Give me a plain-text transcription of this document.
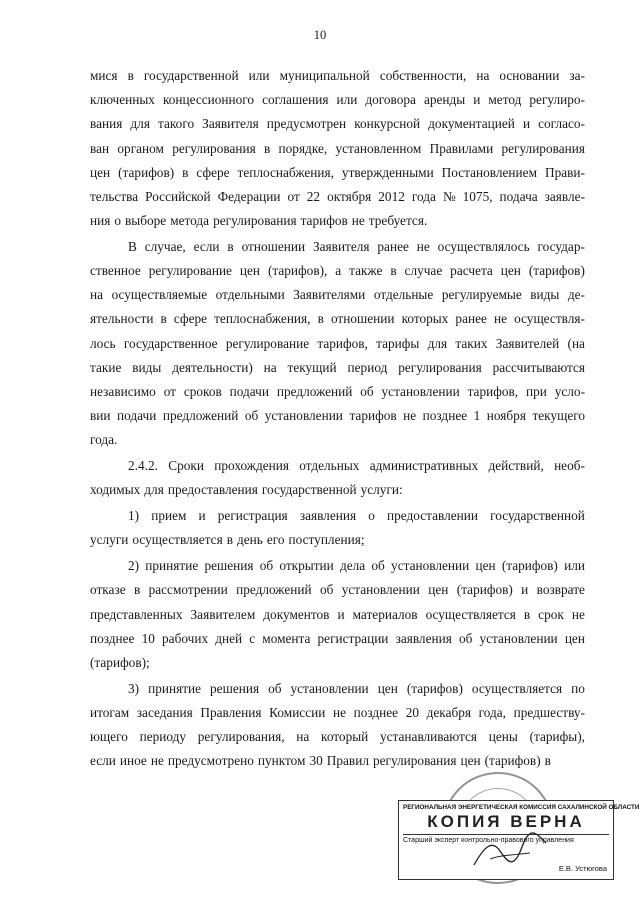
10
мися в государственной или муниципальной собственности, на основании за-
ключенных концессионного соглашения или договора аренды и метод регулиро-
вания для такого Заявителя предусмотрен конкурсной документацией и согласо-
ван органом регулирования в порядке, установленном Правилами регулирования
цен (тарифов) в сфере теплоснабжения, утвержденными Постановлением Прави-
тельства Российской Федерации от 22 октября 2012 года № 1075, подача заявле-
ния о выборе метода регулирования тарифов не требуется.
В случае, если в отношении Заявителя ранее не осуществлялось государ-
ственное регулирование цен (тарифов), а также в случае расчета цен (тарифов)
на осуществляемые отдельными Заявителями отдельные регулируемые виды де-
ятельности в сфере теплоснабжения, в отношении которых ранее не осуществля-
лось государственное регулирование тарифов, тарифы для таких Заявителей (на
такие виды деятельности) на текущий период регулирования рассчитываются
независимо от сроков подачи предложений об установлении тарифов, при усло-
вии подачи предложений об установлении тарифов не позднее 1 ноября текущего
года.
2.4.2. Сроки прохождения отдельных административных действий, необ-
ходимых для предоставления государственной услуги:
1) прием и регистрация заявления о предоставлении государственной
услуги осуществляется в день его поступления;
2) принятие решения об открытии дела об установлении цен (тарифов) или
отказе в рассмотрении предложений об установлении цен (тарифов) и возврате
представленных Заявителем документов и материалов осуществляется в срок не
позднее 10 рабочих дней с момента регистрации заявления об установлении цен
(тарифов);
3) принятие решения об установлении цен (тарифов) осуществляется по
итогам заседания Правления Комиссии не позднее 20 декабря года, предшеству-
ющего периоду регулирования, на который устанавливаются цены (тарифы),
если иное не предусмотрено пунктом 30 Правил регулирования цен (тарифов) в
РЕГИОНАЛЬНАЯ ЭНЕРГЕТИЧЕСКАЯ КОМИССИЯ САХАЛИНСКОЙ ОБЛАСТИ
КОПИЯ ВЕРНА
Старший эксперт контрольно-правового управления
Е.В. Устюгова
